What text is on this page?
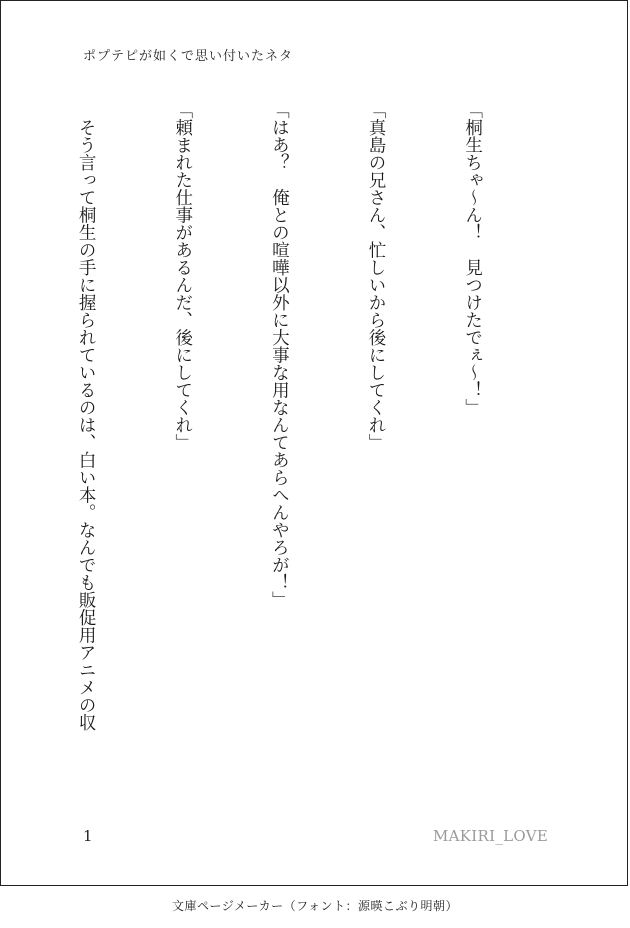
ポプテピが如くで思い付いたネタ

「桐生ちゃ～ん！　見つけたでぇ～！」

「真島の兄さん、忙しいから後にしてくれ」

「はあ？　俺との喧嘩以外に大事な用なんてあらへんやろが！」

「頼まれた仕事があるんだ、後にしてくれ」

　そう言って桐生の手に握られているのは、白い本。なんでも販促用アニメの収

1	MAKIRI_LOVE
文庫ページメーカー（フォント：源暎こぶり明朝）
